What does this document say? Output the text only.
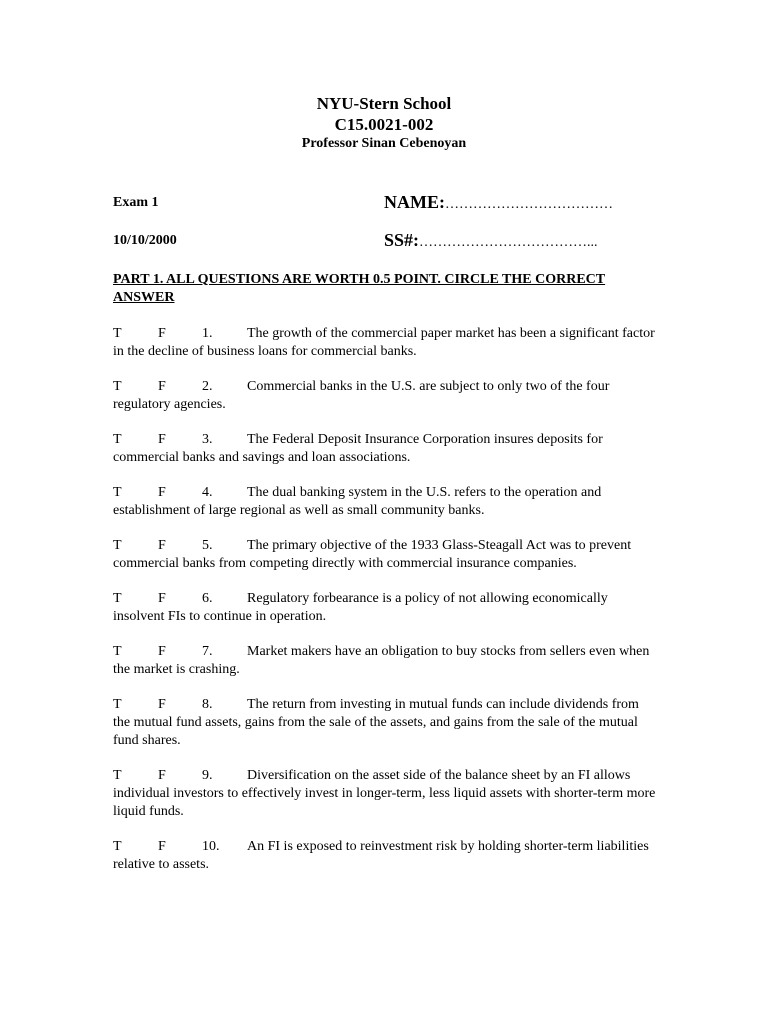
NYU-Stern School
C15.0021-002
Professor Sinan Cebenoyan
Exam 1
10/10/2000
NAME:………………………………
SS#:………………………………...
PART 1. ALL QUESTIONS ARE WORTH 0.5 POINT. CIRCLE THE CORRECT ANSWER
T	F	1. The growth of the commercial paper market has been a significant factor in the decline of business loans for commercial banks.
T	F	2. Commercial banks in the U.S. are subject to only two of the four regulatory agencies.
T	F	3. The Federal Deposit Insurance Corporation insures deposits for commercial banks and savings and loan associations.
T	F	4. The dual banking system in the U.S. refers to the operation and establishment of large regional as well as small community banks.
T	F	5. The primary objective of the 1933 Glass-Steagall Act was to prevent commercial banks from competing directly with commercial insurance companies.
T	F	6. Regulatory forbearance is a policy of not allowing economically insolvent FIs to continue in operation.
T	F	7. Market makers have an obligation to buy stocks from sellers even when the market is crashing.
T	F	8. The return from investing in mutual funds can include dividends from the mutual fund assets, gains from the sale of the assets, and gains from the sale of the mutual fund shares.
T	F	9. Diversification on the asset side of the balance sheet by an FI allows individual investors to effectively invest in longer-term, less liquid assets with shorter-term more liquid funds.
T	F	10. An FI is exposed to reinvestment risk by holding shorter-term liabilities relative to assets.
